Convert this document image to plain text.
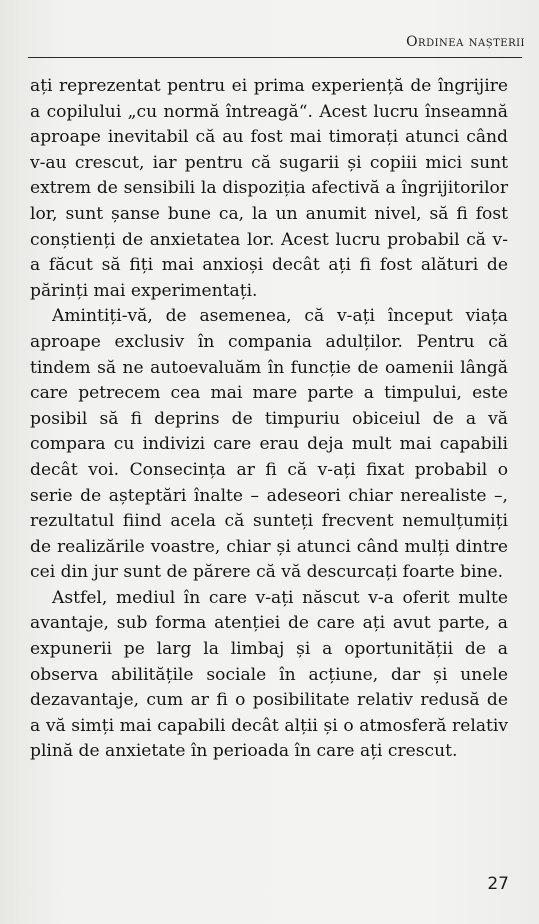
Ordinea nașterii

ați reprezentat pentru ei prima experiență de îngrijire a copilului „cu normă întreagă“. Acest lucru înseamnă aproape inevitabil că au fost mai timorați atunci când v-au crescut, iar pentru că sugarii și copiii mici sunt extrem de sensibili la dispoziția afectivă a îngrijitorilor lor, sunt șanse bune ca, la un anumit nivel, să fi fost conștienți de anxietatea lor. Acest lucru probabil că v-a făcut să fiți mai anxioși decât ați fi fost alături de părinți mai experimentați.

Amintiți-vă, de asemenea, că v-ați început viața aproape exclusiv în compania adulților. Pentru că tindem să ne autoevaluăm în funcție de oamenii lângă care petrecem cea mai mare parte a timpului, este posibil să fi deprins de timpuriu obiceiul de a vă compara cu indivizi care erau deja mult mai capabili decât voi. Consecința ar fi că v-ați fixat probabil o serie de așteptări înalte – adeseori chiar nerealiste –, rezultatul fiind acela că sunteți frecvent nemulțumiți de realizările voastre, chiar și atunci când mulți dintre cei din jur sunt de părere că vă descurcați foarte bine.

Astfel, mediul în care v-ați născut v-a oferit multe avantaje, sub forma atenției de care ați avut parte, a expunerii pe larg la limbaj și a oportunității de a observa abilitățile sociale în acțiune, dar și unele dezavantaje, cum ar fi o posibilitate relativ redusă de a vă simți mai capabili decât alții și o atmosferă relativ plină de anxietate în perioada în care ați crescut.

27
